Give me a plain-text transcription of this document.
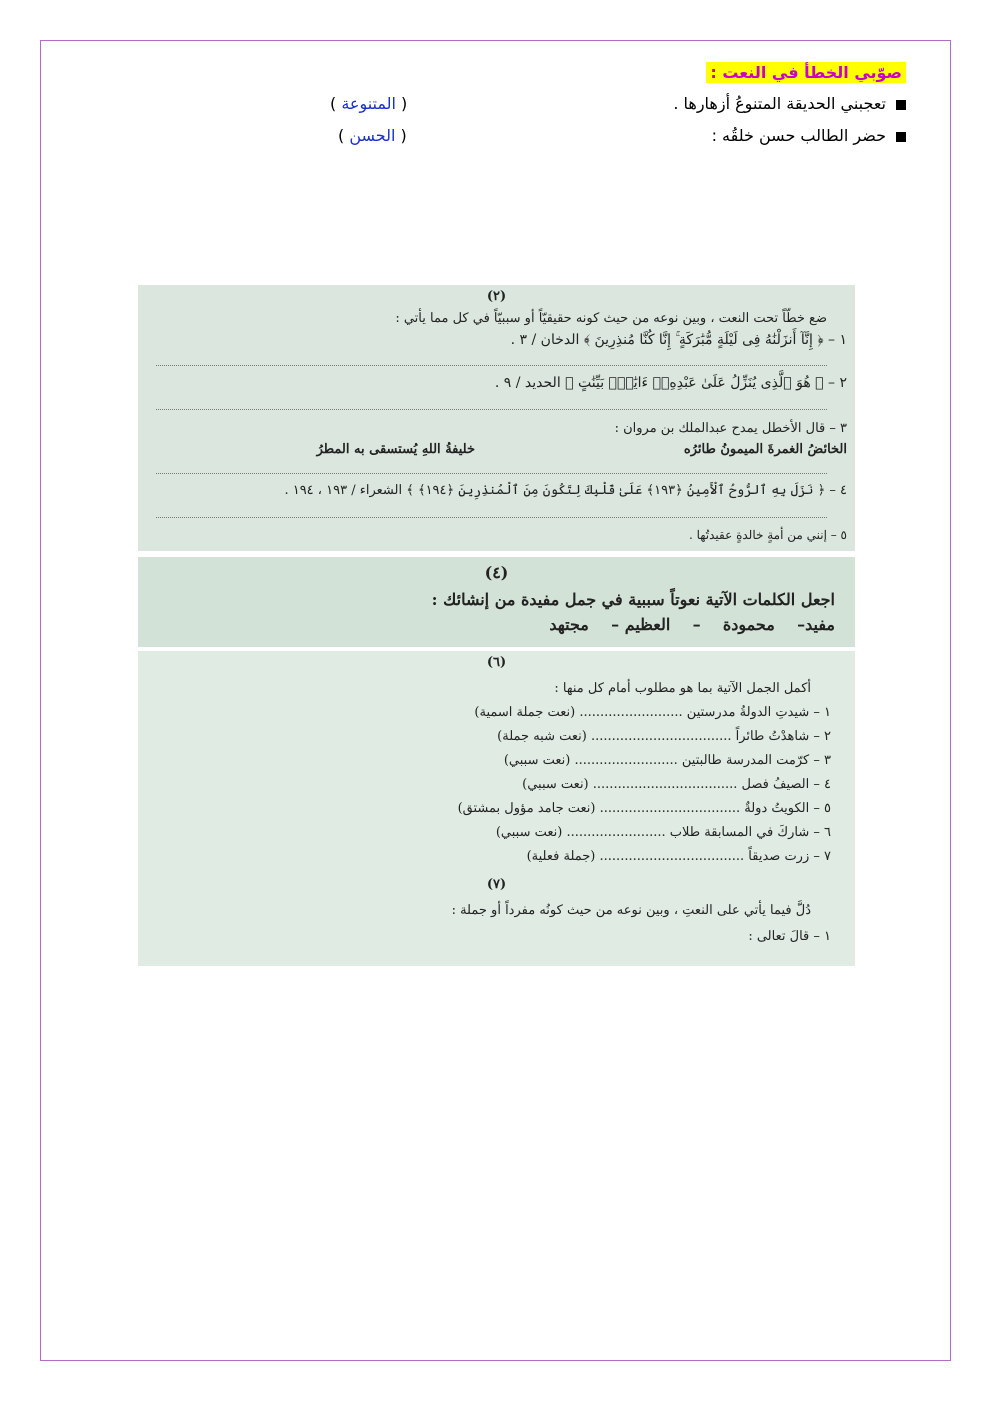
صوّبي الخطأ في النعت :
تعجبني الحديقة المتنوعُ أزهارها .
( المتنوعة )
حضر الطالب حسن خلقُه :
( الحسن )
(٢)
ضع خطّاً تحت النعت ، وبين نوعه من حيث كونه حقيقيّاً أو سببيّاً في كل مما يأتي :
١ – ﴿ إِنَّآ أَنزَلْنَٰهُ فِى لَيْلَةٍ مُّبَٰرَكَةٍ ۚ إِنَّا كُنَّا مُنذِرِينَ ﴾ الدخان / ٣ .
٢ – ﴿ هُوَ ٱلَّذِى يُنَزِّلُ عَلَىٰ عَبْدِهِۦٓ ءَايَٰتٍۭ بَيِّنَٰتٍ ﴾ الحديد / ٩ .
٣ – قال الأخطل يمدح عبدالملك بن مروان :
الخائضُ الغمرةَ الميمونُ طائرُه
خليفةُ اللهِ يُستسقى به المطرُ
٤ – ﴿ نَزَلَ بِهِ ٱلرُّوحُ ٱلْأَمِينُ ﴿١٩٣﴾ عَلَىٰ قَلْبِكَ لِتَكُونَ مِنَ ٱلْمُنذِرِينَ ﴿١٩٤﴾ ﴾ الشعراء / ١٩٣ ، ١٩٤ .
٥ – إنني من أمةٍ خالدةٍ عقيدتُها .
(٤)
اجعل الكلمات الآتية نعوتاً سببية في جمل مفيدة من إنشائك :
مفيد–    محمودة    –    العظيم –    مجتهد
(٦)
أكمل الجمل الآتية بما هو مطلوب أمام كل منها :
١ – شيدتِ الدولةُ مدرستين ......................... (نعت جملة اسمية)
٢ – شاهدْتُ طائراً .................................. (نعت شبه جملة)
٣ – كرّمت المدرسة طالبتين ......................... (نعت سببي)
٤ – الصيفُ فصل ................................... (نعت سببي)
٥ – الكويتُ دولةٌ .................................. (نعت جامد مؤول بمشتق)
٦ – شاركَ في المسابقة طلاب ........................ (نعت سببي)
٧ – زرت صديقاً ................................... (جملة فعلية)
(٧)
دُلَّ فيما يأتي على النعتِ ، وبين نوعه من حيث كونُه مفرداً أو جملة :
١ – قالَ تعالى :
